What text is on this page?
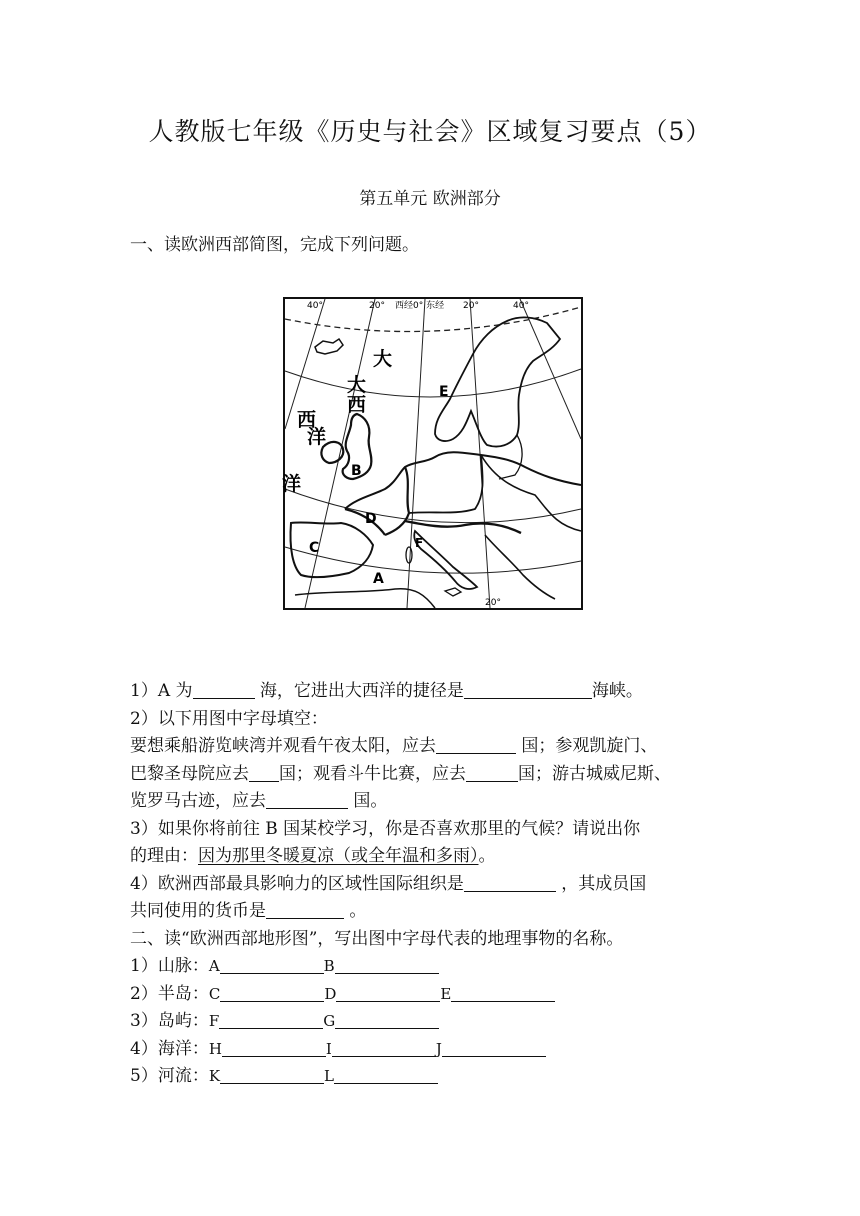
人教版七年级《历史与社会》区域复习要点（5）
第五单元 欧洲部分
一、读欧洲西部简图，完成下列问题。
40°	20° 西经0° 东经 20°	40°
20°
大
大
西
西
洋
洋
E
B
D
C	F
A

1）A 为	海，它进出大西洋的捷径是	海峡。

2）以下用图中字母填空：

要想乘船游览峡湾并观看午夜太阳，应去	国；参观凯旋门、

巴黎圣母院应去 国；观看斗牛比赛，应去	国；游古城威尼斯、

览罗马古迹，应去	国。

3）如果你将前往 B 国某校学习，你是否喜欢那里的气候？请说出你

的理由：因为那里冬暖夏凉（或全年温和多雨）。

4）欧洲西部最具影响力的区域性国际组织是	，其成员国

共同使用的货币是	。

二、读“欧洲西部地形图”，写出图中字母代表的地理事物的名称。

1）山脉：A	B

2）半岛：C	D	E

3）岛屿：F	G

4）海洋：H	I	J

5）河流：K	L
